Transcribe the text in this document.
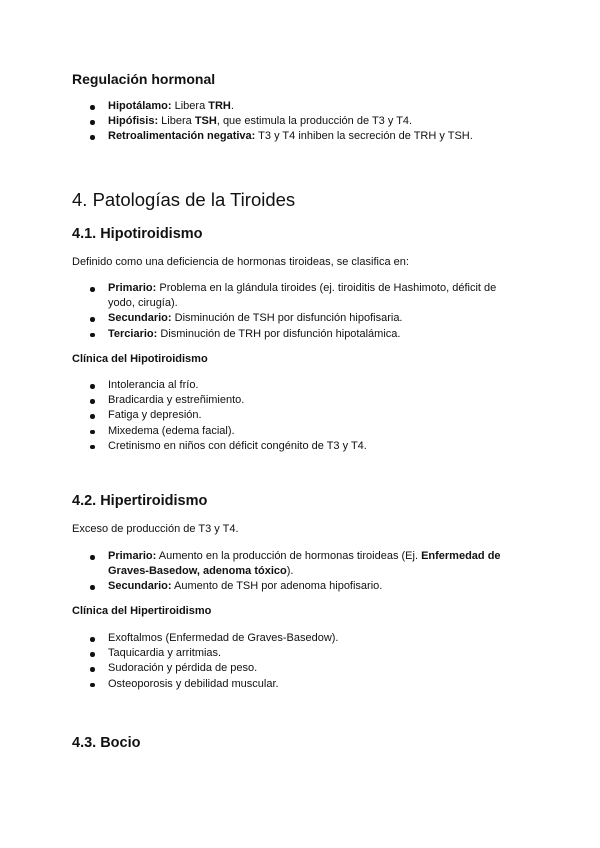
Regulación hormonal
Hipotálamo: Libera TRH.
Hipófisis: Libera TSH, que estimula la producción de T3 y T4.
Retroalimentación negativa: T3 y T4 inhiben la secreción de TRH y TSH.
4. Patologías de la Tiroides
4.1. Hipotiroidismo
Definido como una deficiencia de hormonas tiroideas, se clasifica en:
Primario: Problema en la glándula tiroides (ej. tiroiditis de Hashimoto, déficit de yodo, cirugía).
Secundario: Disminución de TSH por disfunción hipofisaria.
Terciario: Disminución de TRH por disfunción hipotalámica.
Clínica del Hipotiroidismo
Intolerancia al frío.
Bradicardia y estreñimiento.
Fatiga y depresión.
Mixedema (edema facial).
Cretinismo en niños con déficit congénito de T3 y T4.
4.2. Hipertiroidismo
Exceso de producción de T3 y T4.
Primario: Aumento en la producción de hormonas tiroideas (Ej. Enfermedad de Graves-Basedow, adenoma tóxico).
Secundario: Aumento de TSH por adenoma hipofisario.
Clínica del Hipertiroidismo
Exoftalmos (Enfermedad de Graves-Basedow).
Taquicardia y arritmias.
Sudoración y pérdida de peso.
Osteoporosis y debilidad muscular.
4.3. Bocio
